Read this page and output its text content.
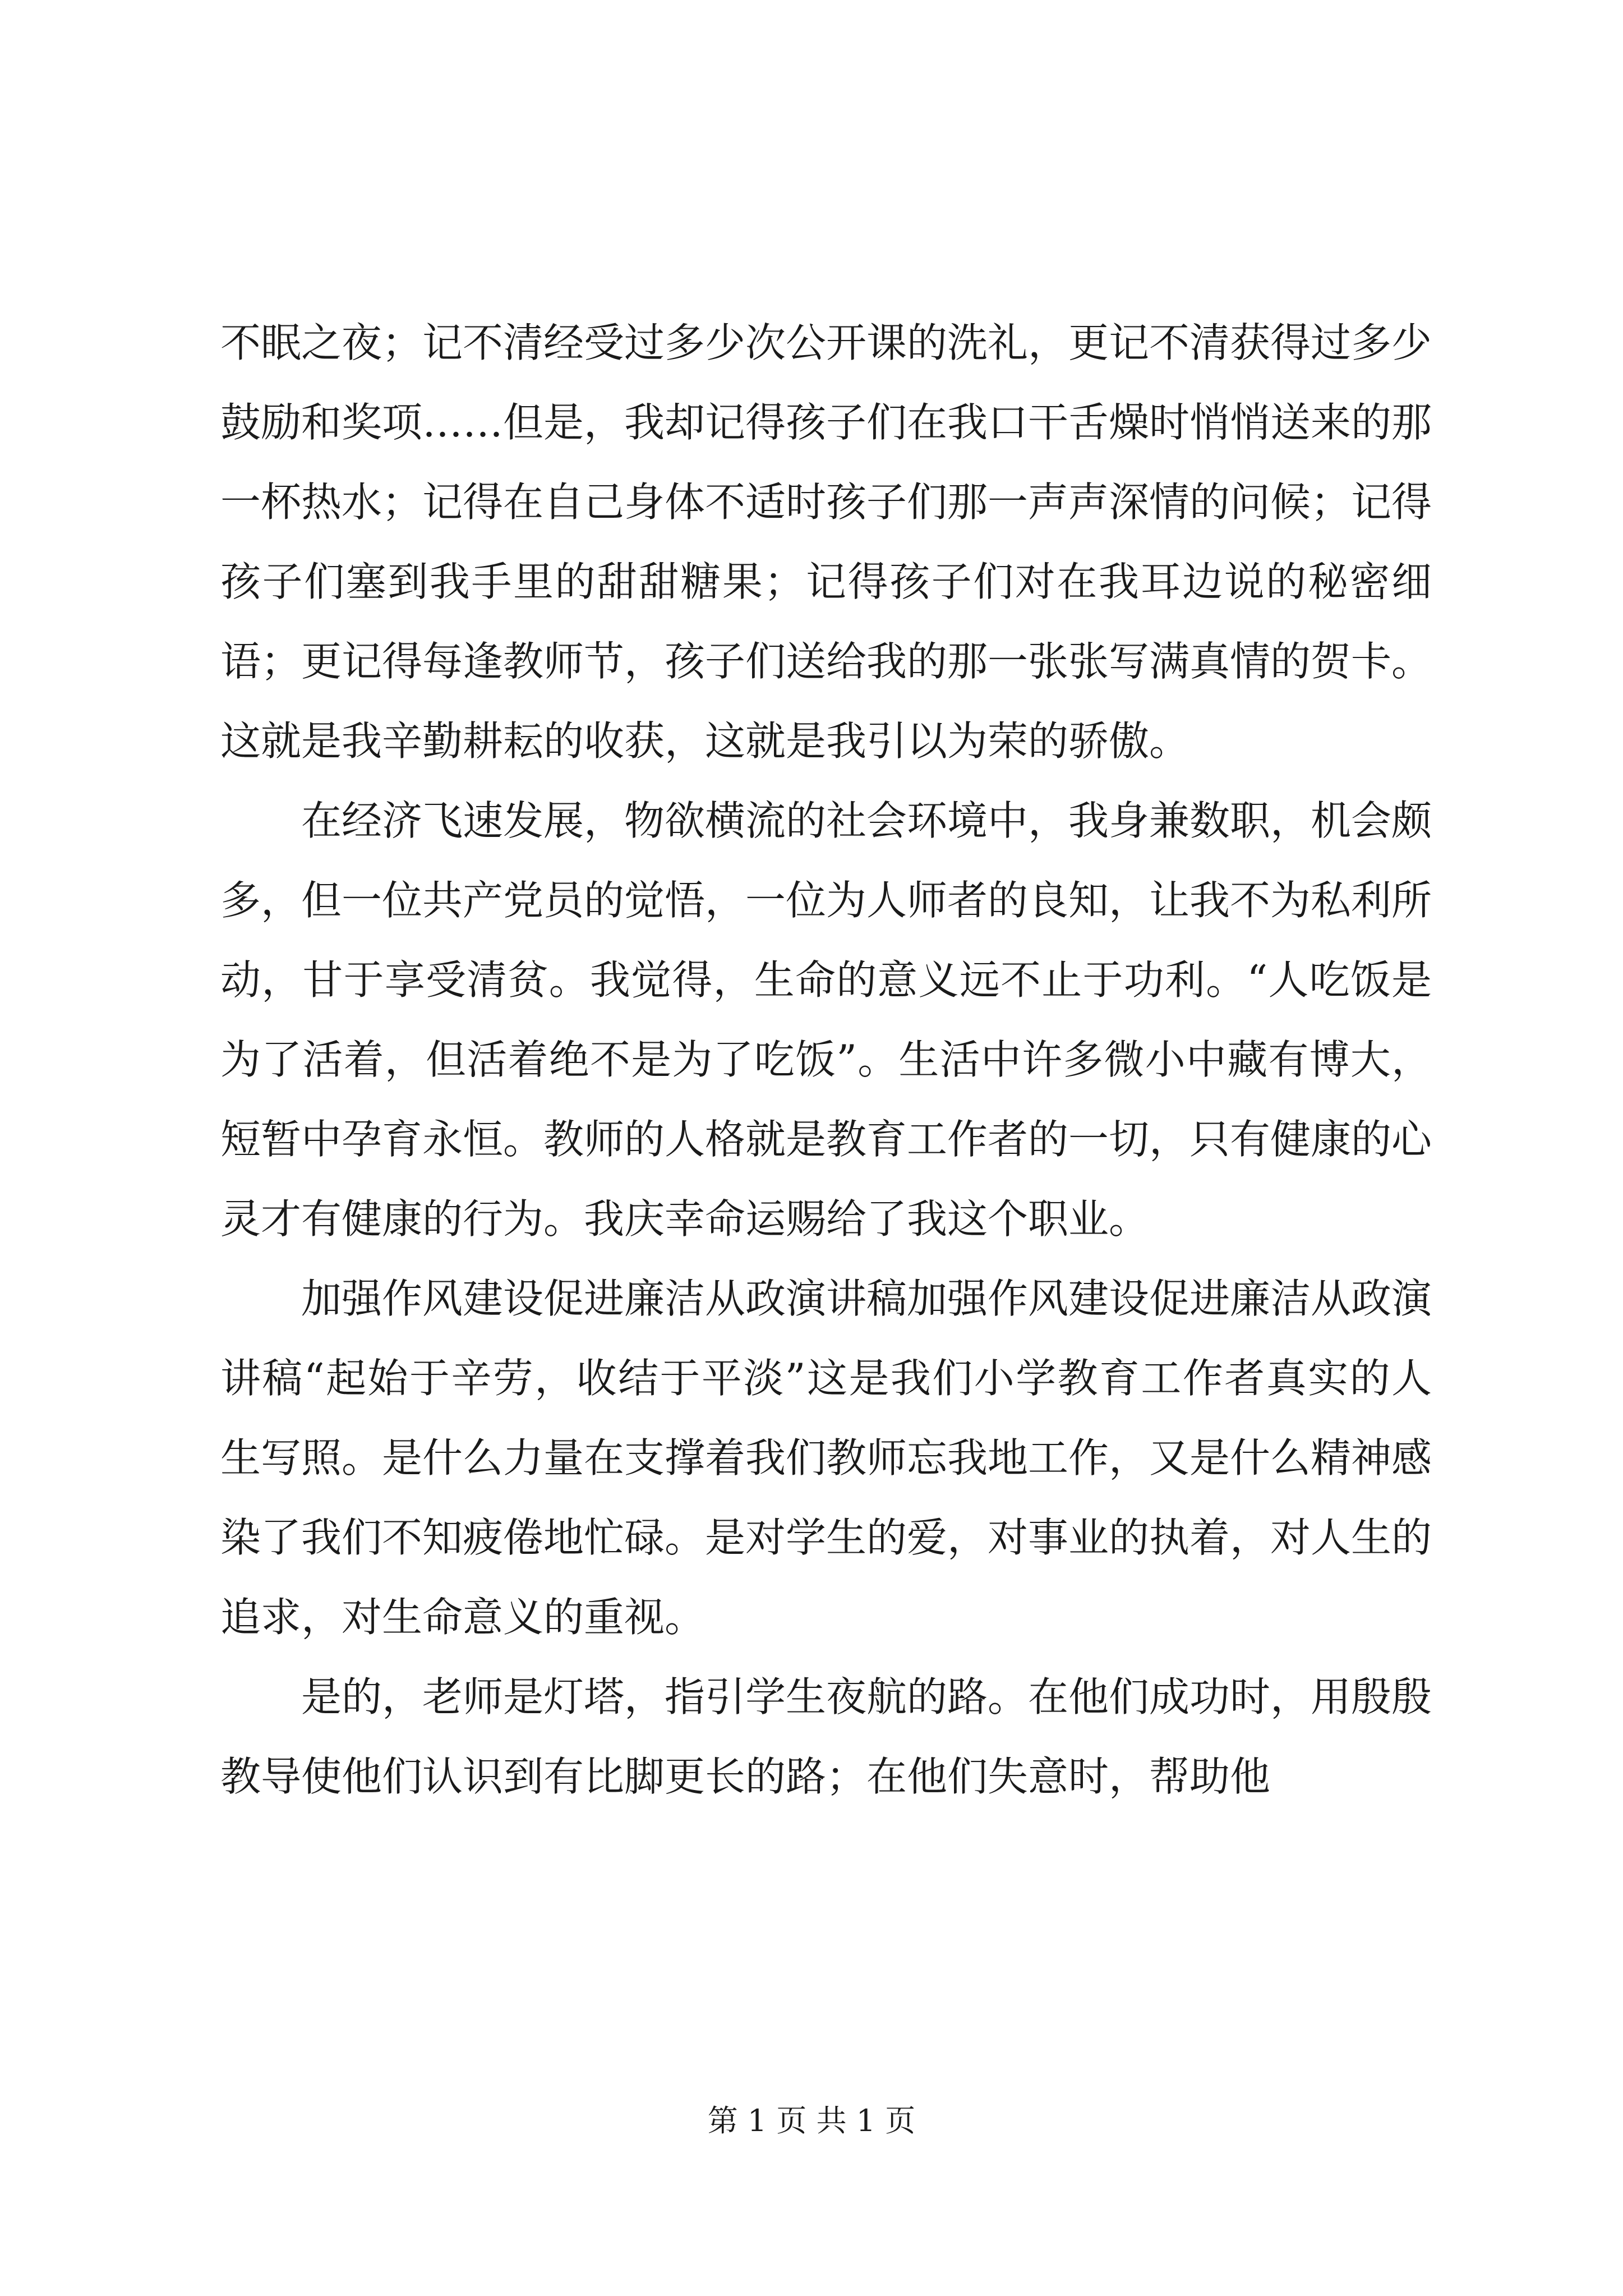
不眠之夜；记不清经受过多少次公开课的洗礼，更记不清获得过多少鼓励和奖项……但是，我却记得孩子们在我口干舌燥时悄悄送来的那一杯热水；记得在自己身体不适时孩子们那一声声深情的问候；记得孩子们塞到我手里的甜甜糖果；记得孩子们对在我耳边说的秘密细语；更记得每逢教师节，孩子们送给我的那一张张写满真情的贺卡。这就是我辛勤耕耘的收获，这就是我引以为荣的骄傲。

在经济飞速发展，物欲横流的社会环境中，我身兼数职，机会颇多，但一位共产党员的觉悟，一位为人师者的良知，让我不为私利所动，甘于享受清贫。我觉得，生命的意义远不止于功利。“人吃饭是为了活着，但活着绝不是为了吃饭”。生活中许多微小中藏有博大，短暂中孕育永恒。教师的人格就是教育工作者的一切，只有健康的心灵才有健康的行为。我庆幸命运赐给了我这个职业。

加强作风建设促进廉洁从政演讲稿加强作风建设促进廉洁从政演讲稿“起始于辛劳，收结于平淡”这是我们小学教育工作者真实的人生写照。是什么力量在支撑着我们教师忘我地工作，又是什么精神感染了我们不知疲倦地忙碌。是对学生的爱，对事业的执着，对人生的追求，对生命意义的重视。

是的，老师是灯塔，指引学生夜航的路。在他们成功时，用殷殷教导使他们认识到有比脚更长的路；在他们失意时，帮助他

第 1 页 共 1 页
